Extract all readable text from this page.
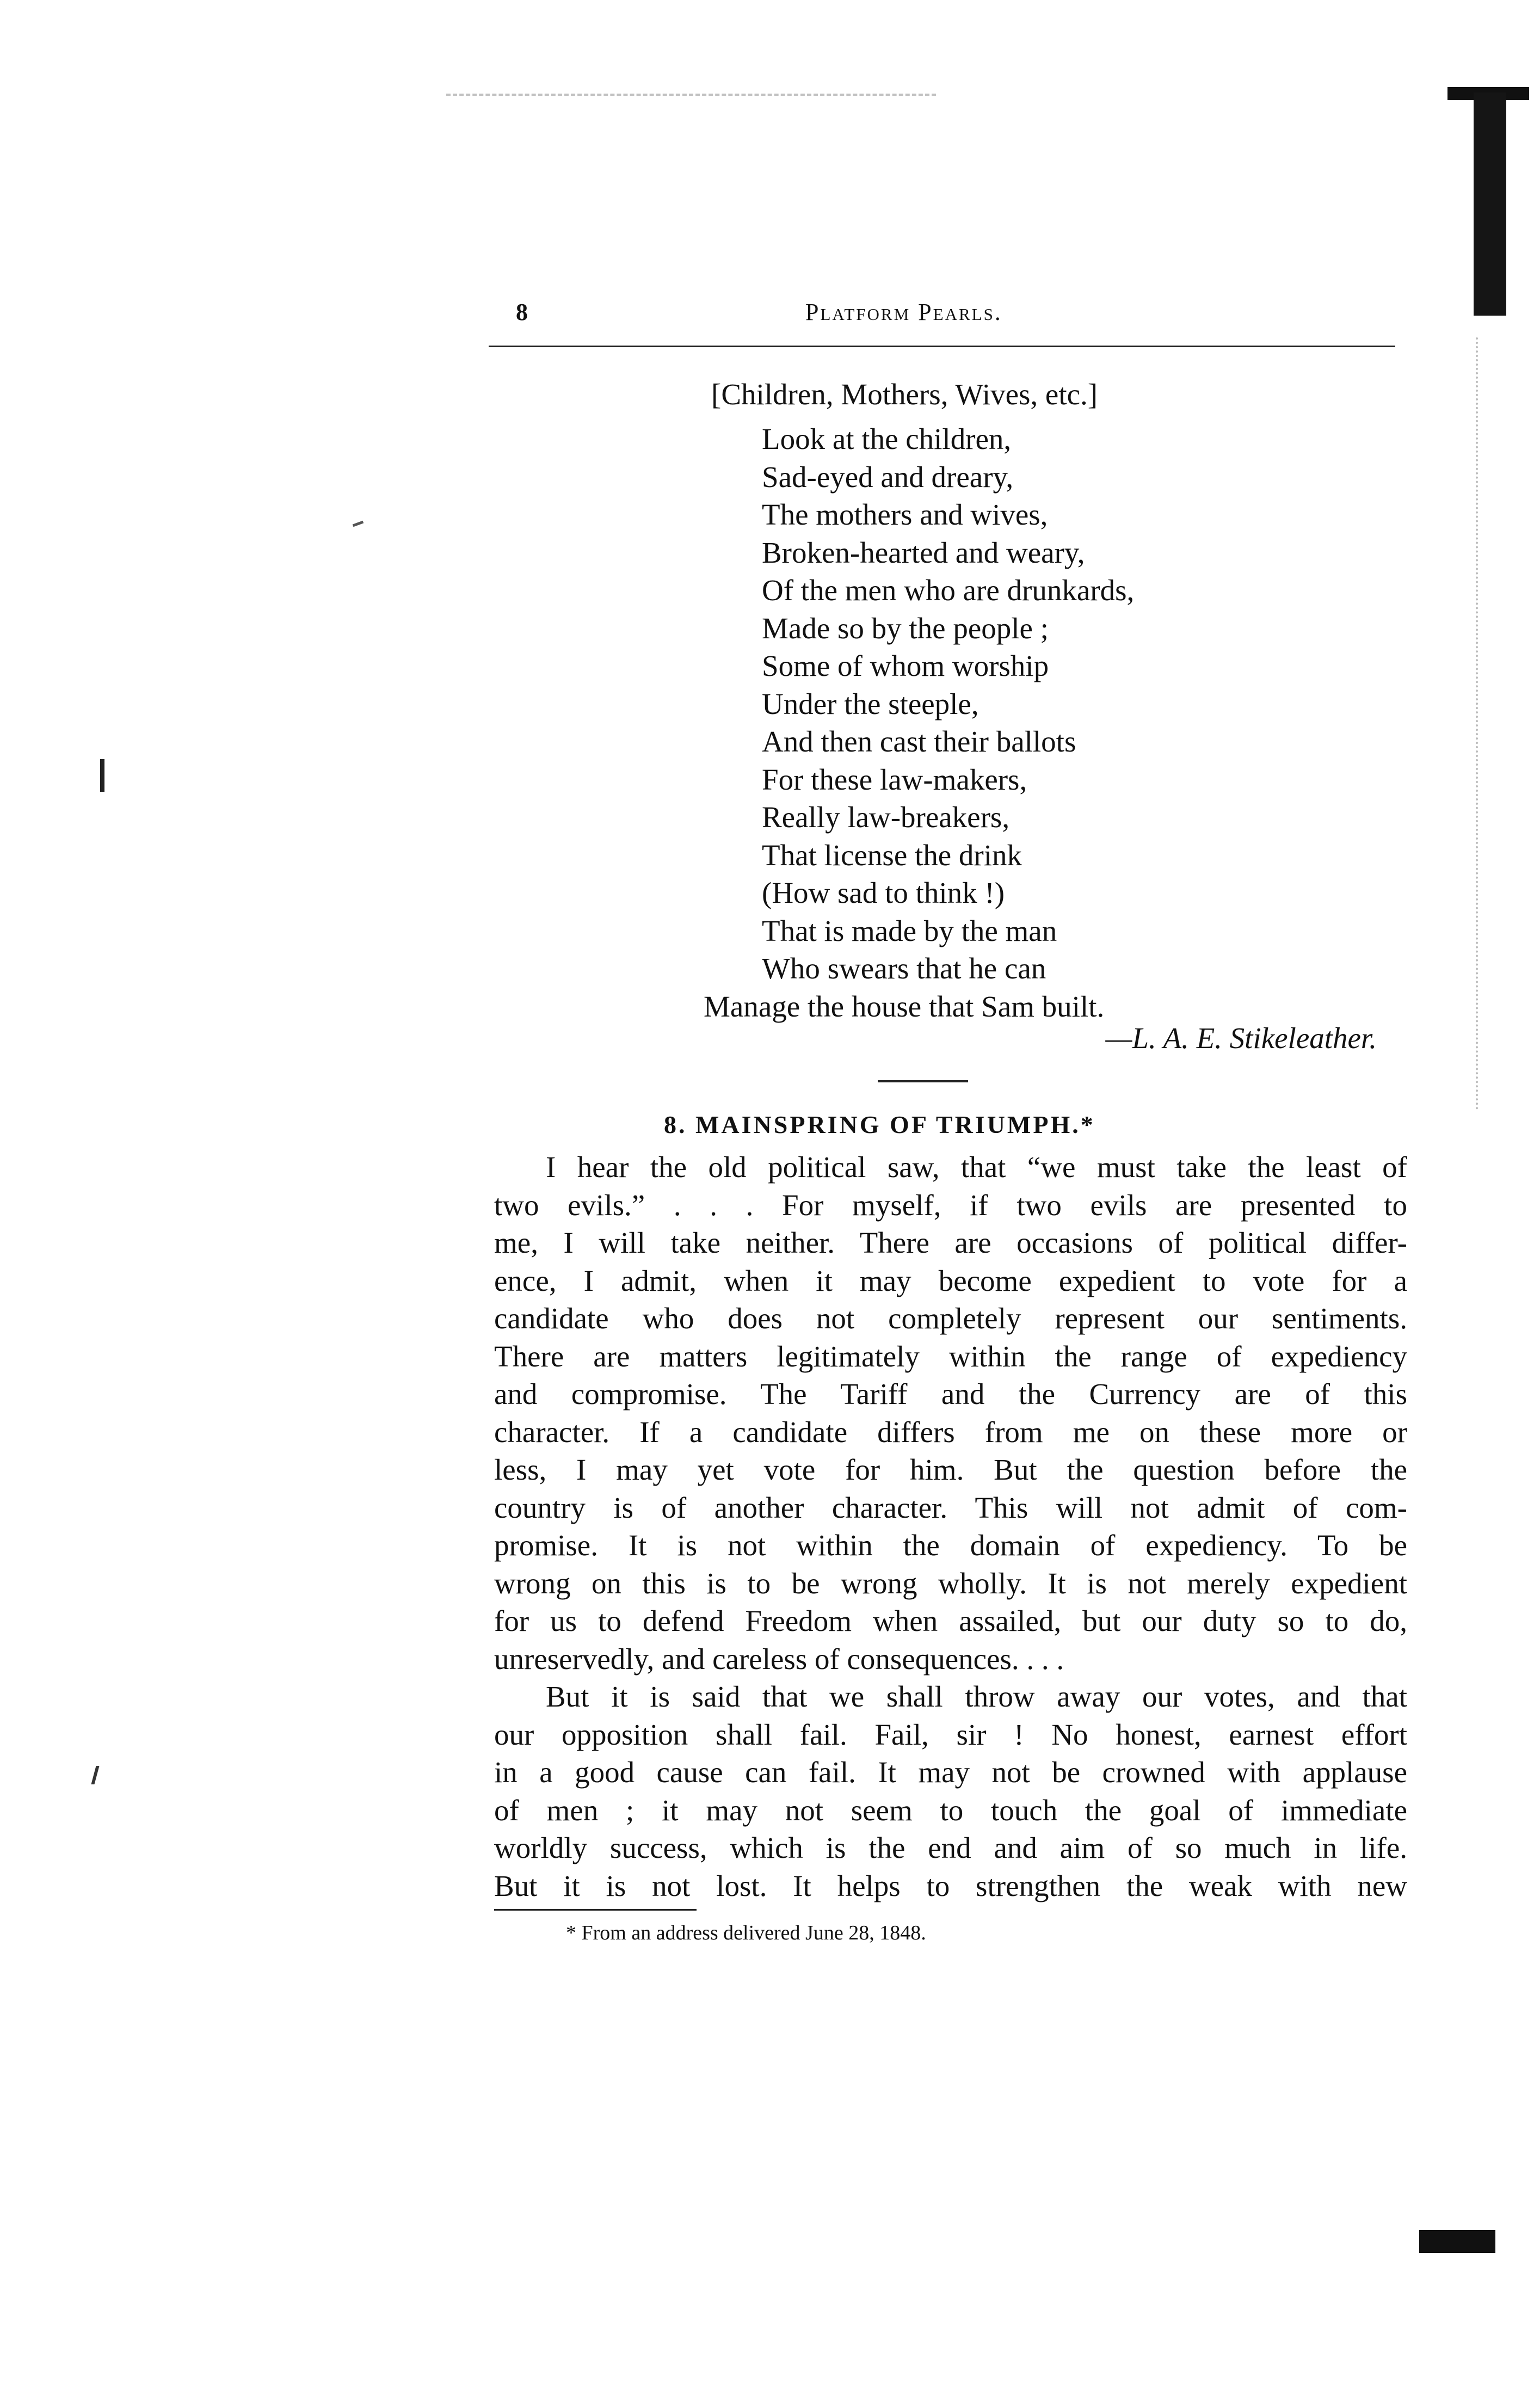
8	Platform Pearls.
[Children, Mothers, Wives, etc.]
Look at the children,
Sad-eyed and dreary,
The mothers and wives,
Broken-hearted and weary,
Of the men who are drunkards,
Made so by the people ;
Some of whom worship
Under the steeple,
And then cast their ballots
For these law-makers,
Really law-breakers,
That license the drink
(How sad to think !)
That is made by the man
Who swears that he can
Manage the house that Sam built.
—L. A. E. Stikeleather.
8. MAINSPRING OF TRIUMPH.*
I hear the old political saw, that “we must take the least of
two evils.” . . . For myself, if two evils are presented to
me, I will take neither. There are occasions of political differ-
ence, I admit, when it may become expedient to vote for a
candidate who does not completely represent our sentiments.
There are matters legitimately within the range of expediency
and compromise. The Tariff and the Currency are of this
character. If a candidate differs from me on these more or
less, I may yet vote for him. But the question before the
country is of another character. This will not admit of com-
promise. It is not within the domain of expediency. To be
wrong on this is to be wrong wholly. It is not merely expedient
for us to defend Freedom when assailed, but our duty so to do,
unreservedly, and careless of consequences. . . .
But it is said that we shall throw away our votes, and that
our opposition shall fail. Fail, sir ! No honest, earnest effort
in a good cause can fail. It may not be crowned with applause
of men ; it may not seem to touch the goal of immediate
worldly success, which is the end and aim of so much in life.
But it is not lost. It helps to strengthen the weak with new
* From an address delivered June 28, 1848.
